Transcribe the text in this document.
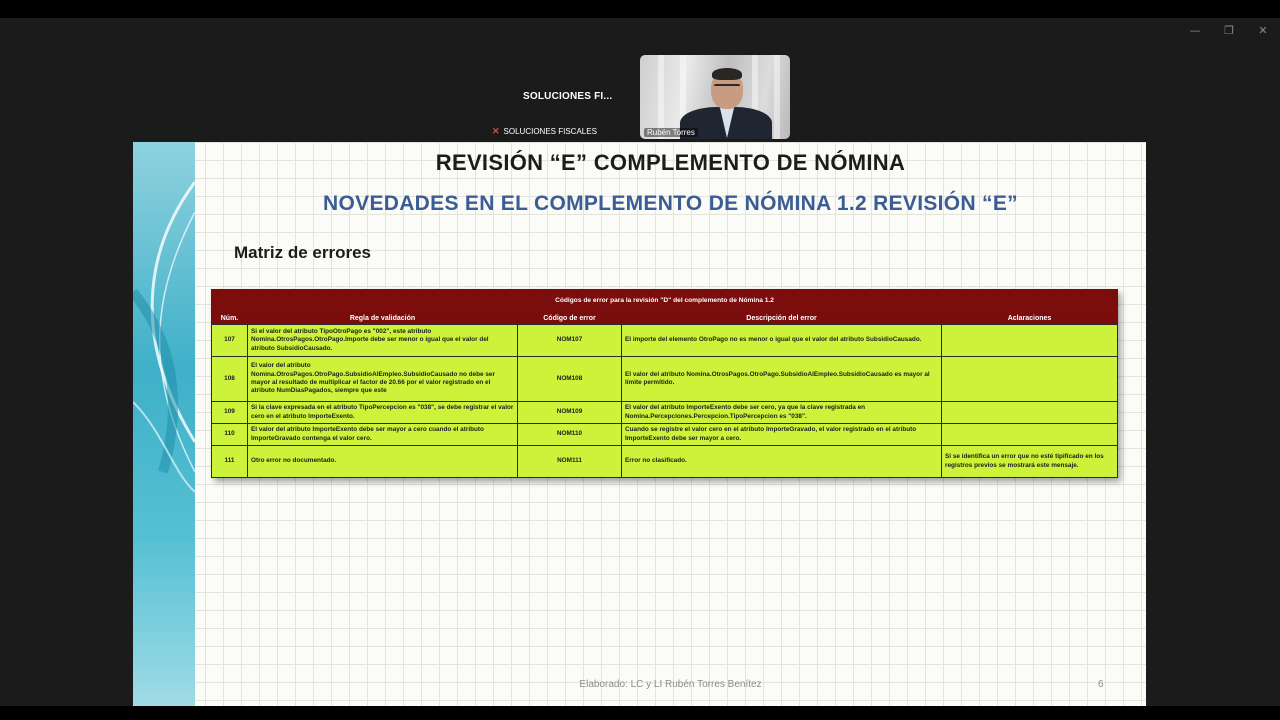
— ❐ ✕
SOLUCIONES FI...
✕ SOLUCIONES FISCALES	Rubén Torres
REVISIÓN “E” COMPLEMENTO DE NÓMINA
NOVEDADES EN EL COMPLEMENTO DE NÓMINA 1.2 REVISIÓN “E”
Matriz de errores
Códigos de error para la revisión "D" del complemento de Nómina 1.2				
Núm.	Regla de validación	Código de error	Descripción del error	Aclaraciones
107	Si el valor del atributo TipoOtroPago es "002", este atributo Nomina.OtrosPagos.OtroPago.Importe debe ser menor o igual que el valor del atributo SubsidioCausado.	NOM107	El importe del elemento OtroPago no es menor o igual que el valor del atributo SubsidioCausado.	
108	El valor del atributo Nomina.OtrosPagos.OtroPago.SubsidioAlEmpleo.SubsidioCausado no debe ser mayor al resultado de multiplicar el factor de 20.66 por el valor registrado en el atributo NumDiasPagados, siempre que este	NOM108	El valor del atributo Nomina.OtrosPagos.OtroPago.SubsidioAlEmpleo.SubsidioCausado es mayor al límite permitido.	
109	Si la clave expresada en el atributo TipoPercepcion es "038", se debe registrar el valor cero en el atributo ImporteExento.	NOM109	El valor del atributo ImporteExento debe ser cero, ya que la clave registrada en Nomina.Percepciones.Percepcion.TipoPercepcion es "038".	
110	El valor del atributo ImporteExento debe ser mayor a cero cuando el atributo ImporteGravado contenga el valor cero.	NOM110	Cuando se registre el valor cero en el atributo ImporteGravado, el valor registrado en el atributo ImporteExento debe ser mayor a cero.	
111	Otro error no documentado.	NOM111	Error no clasificado.	Si se identifica un error que no esté tipificado en los registros previos se mostrará este mensaje.
Elaborado: LC y LI Rubén Torres Benítez	6
